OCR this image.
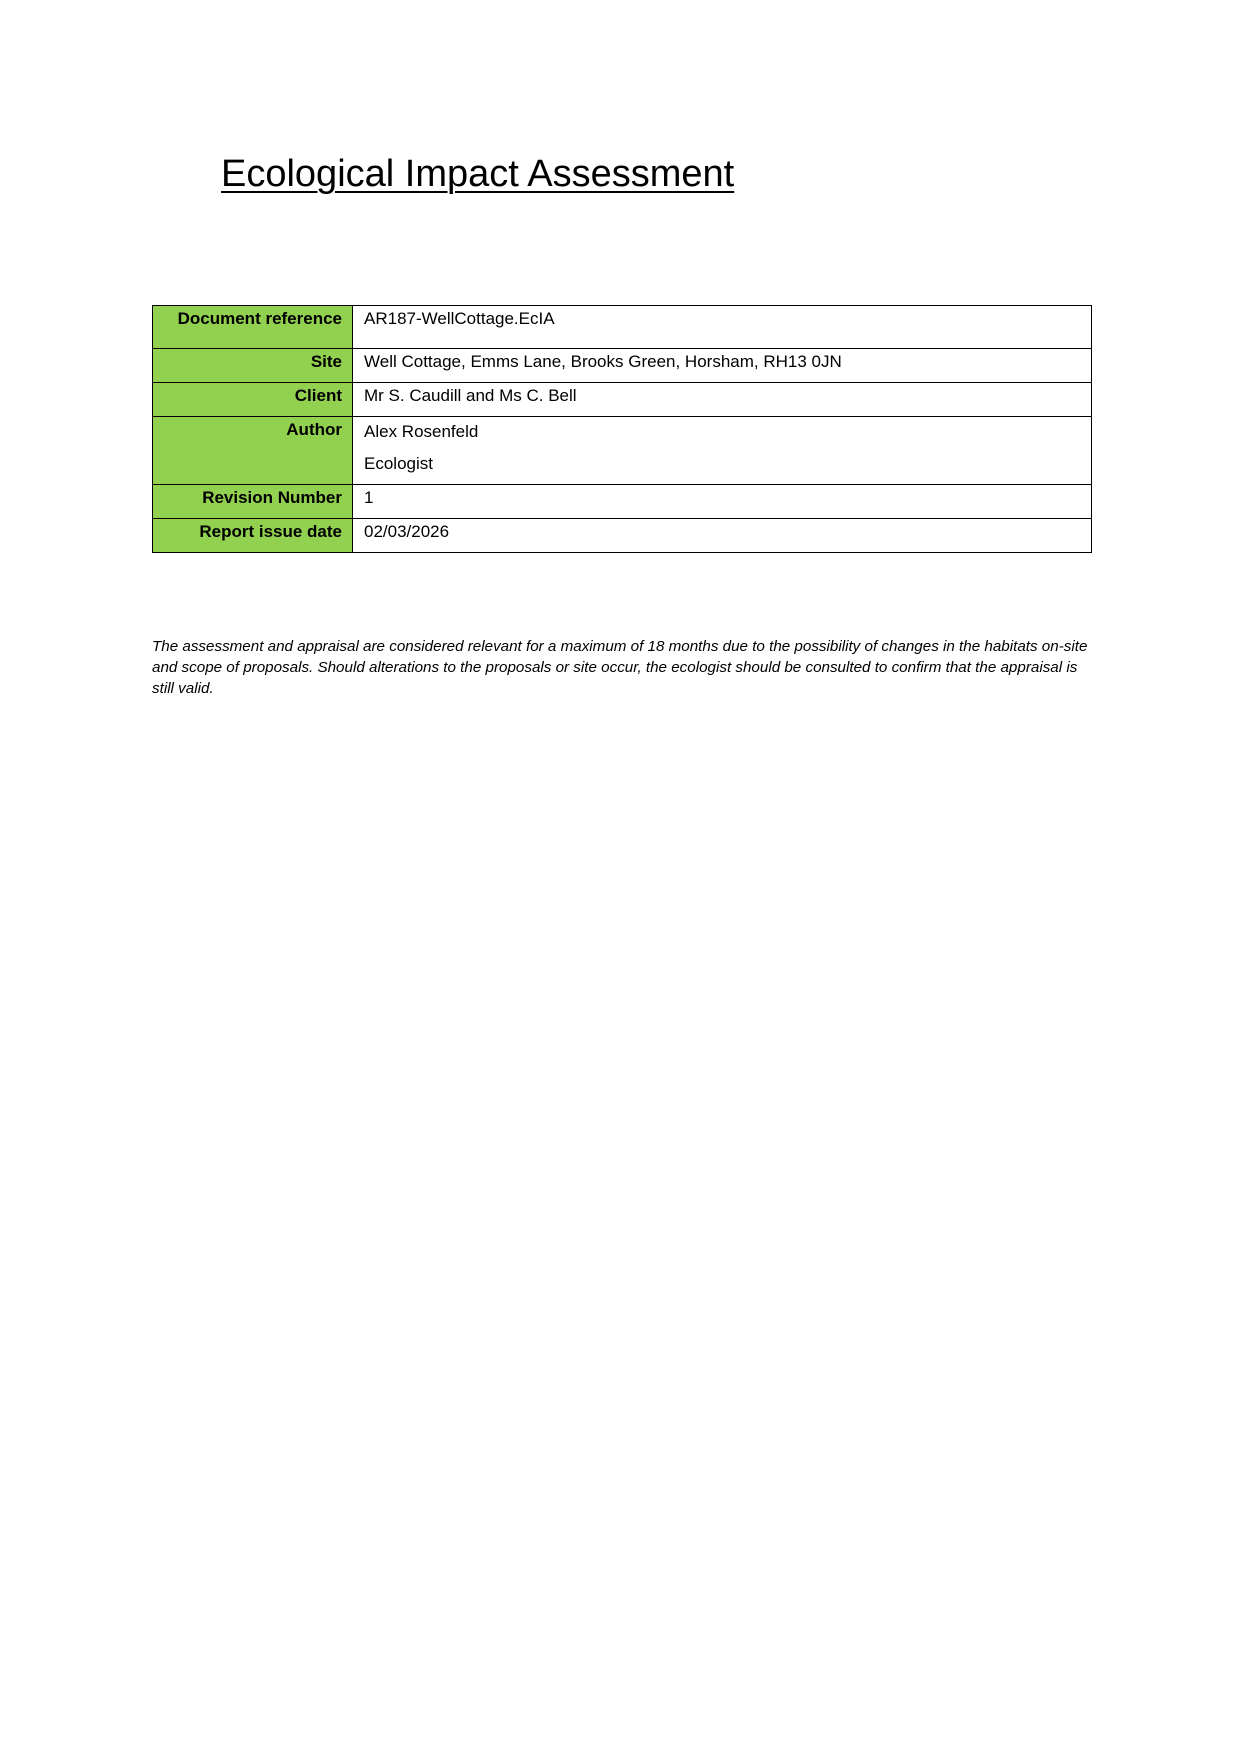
Ecological Impact Assessment
Document reference	AR187-WellCottage.EcIA
Site	Well Cottage, Emms Lane, Brooks Green, Horsham, RH13 0JN
Client	Mr S. Caudill and Ms C. Bell
Author	Alex Rosenfeld
Ecologist

Revision Number	1
Report issue date	02/03/2026

The assessment and appraisal are considered relevant for a maximum of 18 months due to the possibility of changes in the habitats on-site and scope of proposals. Should alterations to the proposals or site occur, the ecologist should be consulted to confirm that the appraisal is still valid.
